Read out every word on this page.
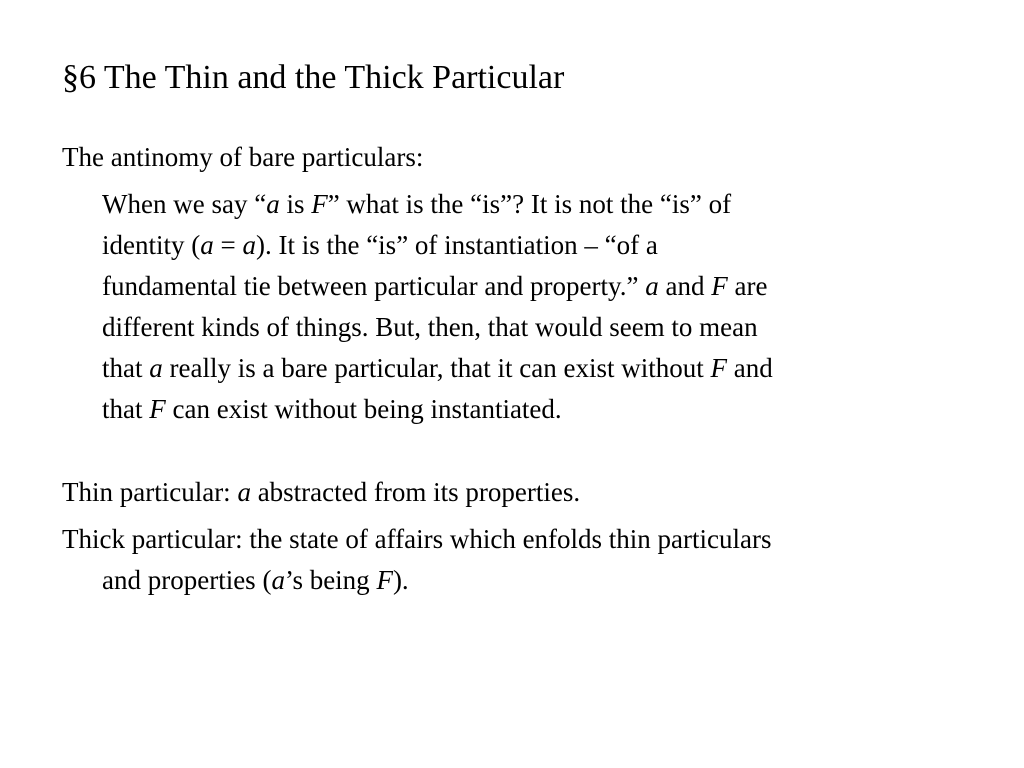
§6 The Thin and the Thick Particular
The antinomy of bare particulars:
When we say “a is F” what is the “is”? It is not the “is” of
identity (a = a). It is the “is” of instantiation – “of a
fundamental tie between particular and property.” a and F are
different kinds of things. But, then, that would seem to mean
that a really is a bare particular, that it can exist without F and
that F can exist without being instantiated.
Thin particular: a abstracted from its properties.
Thick particular: the state of affairs which enfolds thin particulars
and properties (a’s being F).
